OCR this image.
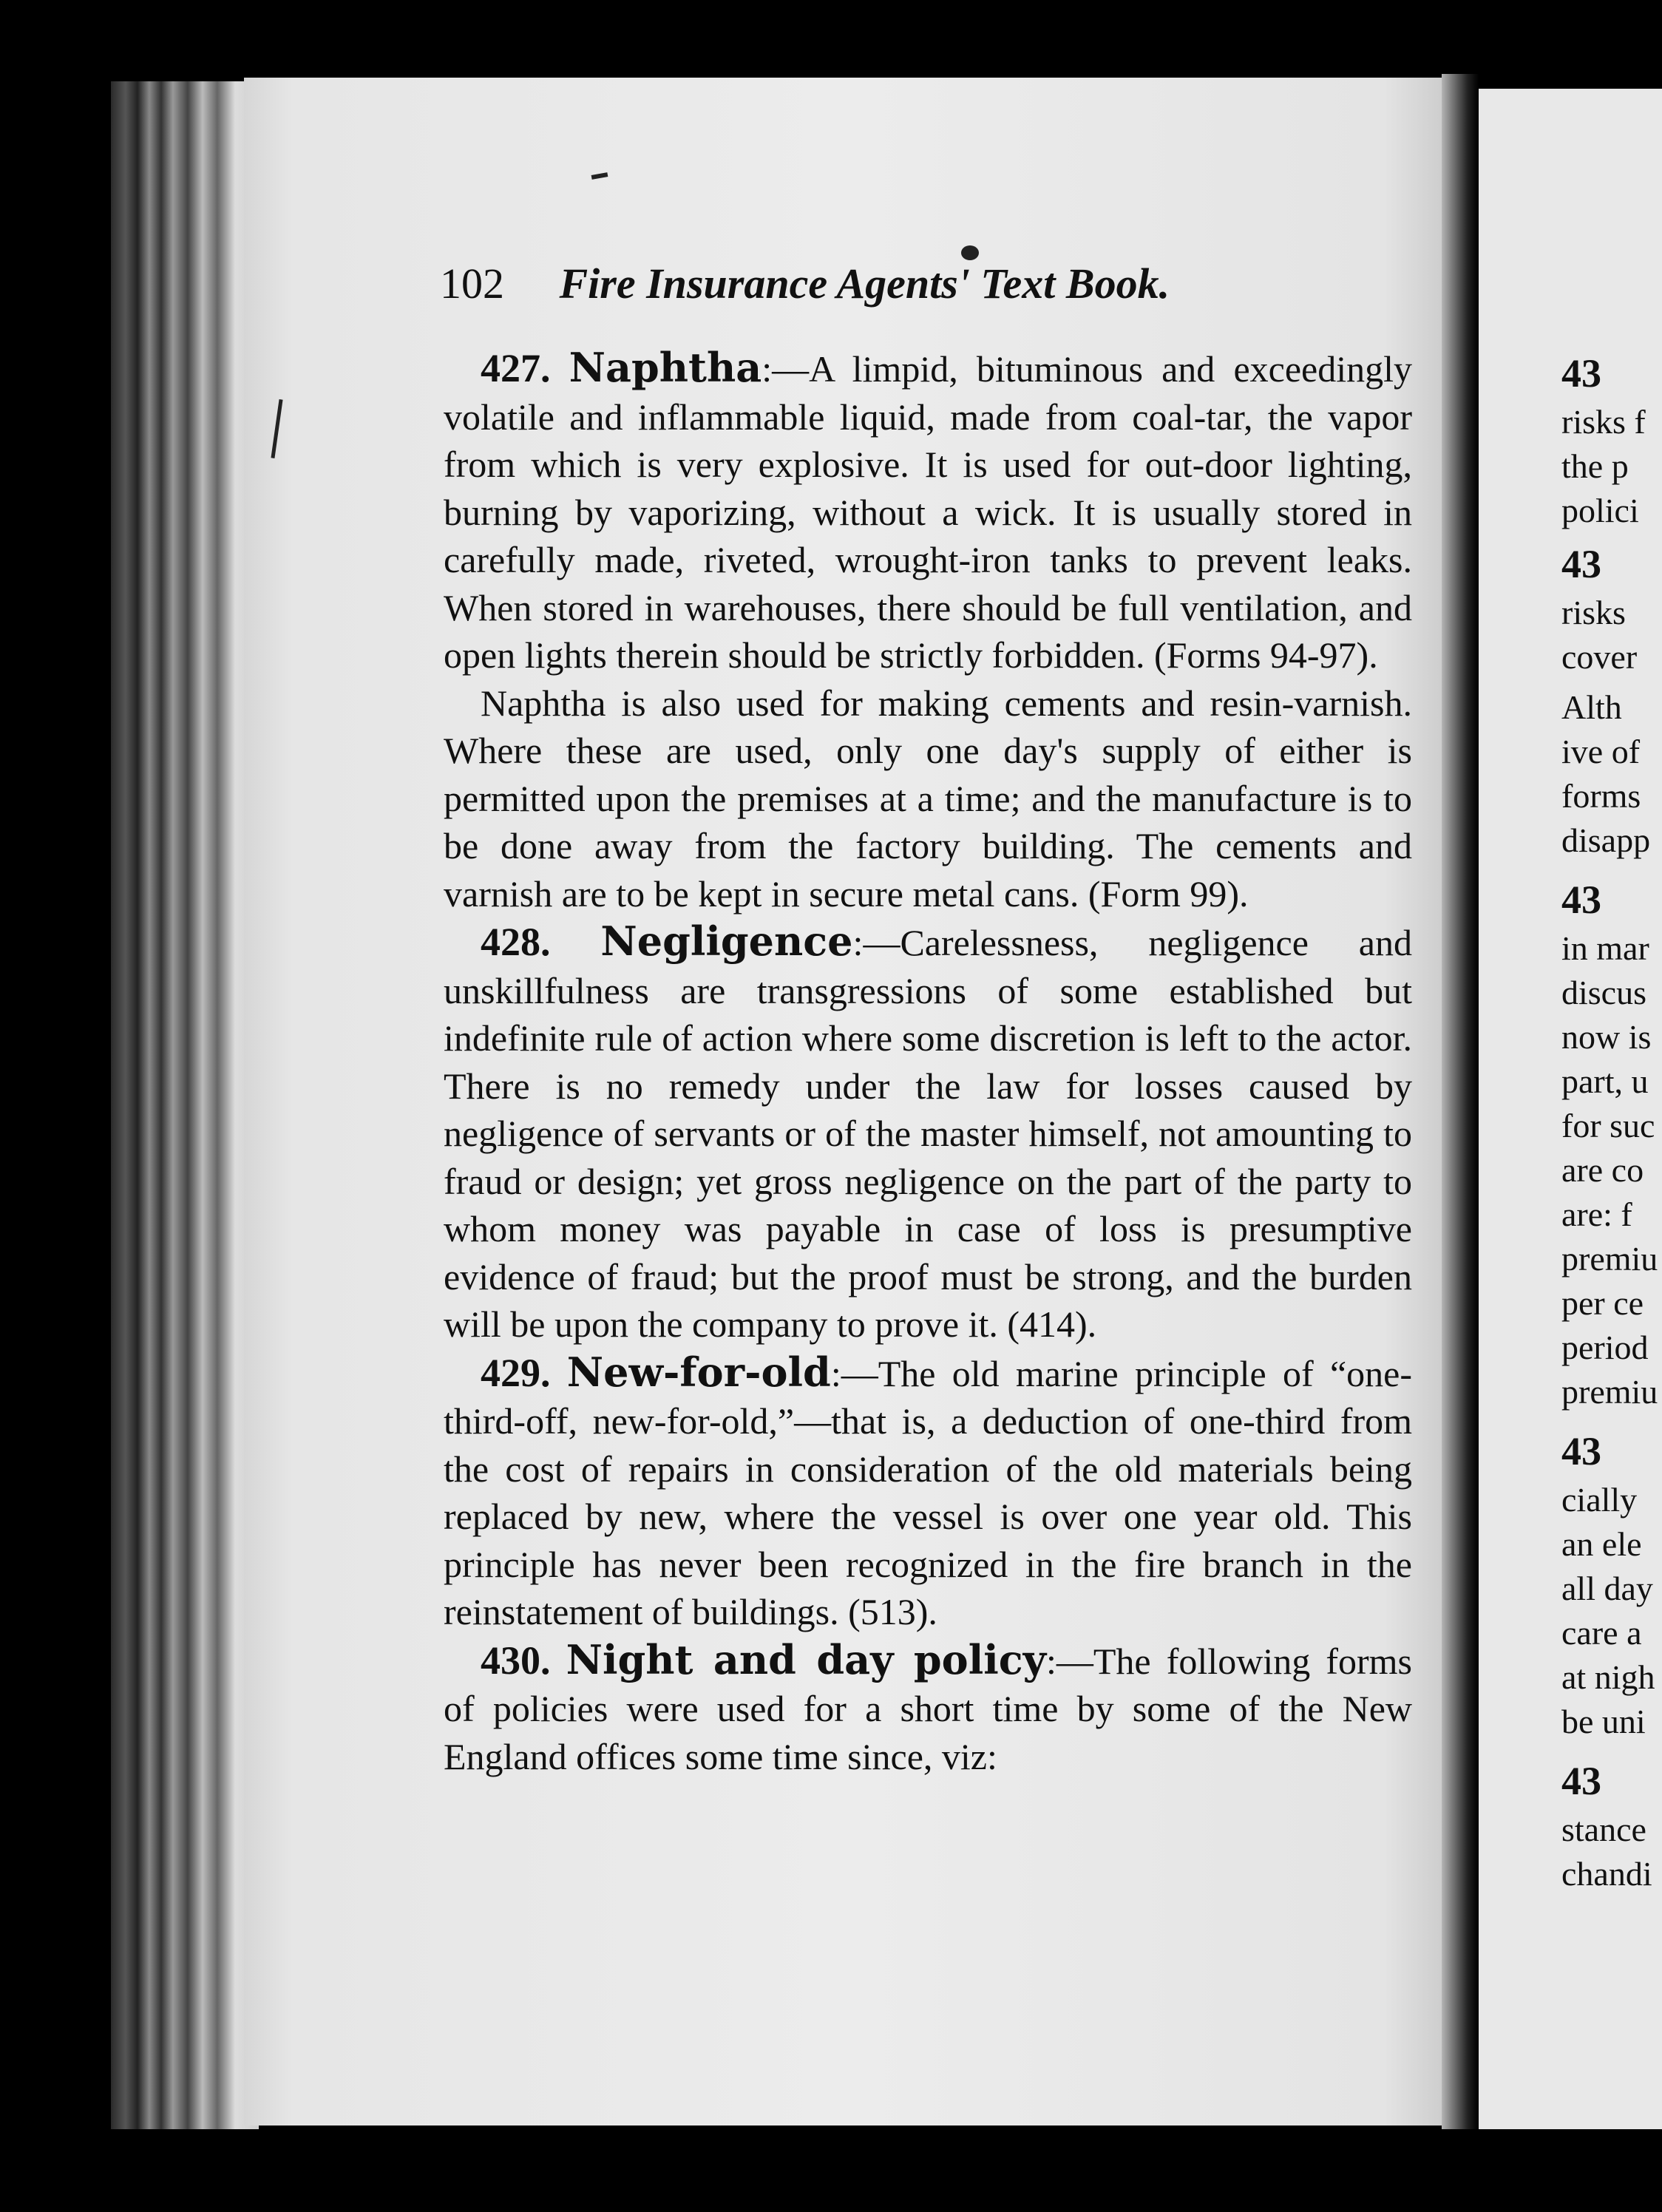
102 Fire Insurance Agents' Text Book.

427. Naphtha:—A limpid, bituminous and exceedingly volatile and inflammable liquid, made from coal-tar, the vapor from which is very explosive. It is used for out-door lighting, burning by vaporizing, without a wick. It is usually stored in carefully made, riveted, wrought-iron tanks to prevent leaks. When stored in warehouses, there should be full ventilation, and open lights therein should be strictly forbidden. (Forms 94-97).

Naphtha is also used for making cements and resin-varnish. Where these are used, only one day's supply of either is permitted upon the premises at a time; and the manufacture is to be done away from the factory building. The cements and varnish are to be kept in secure metal cans. (Form 99).

428. Negligence:—Carelessness, negligence and unskillfulness are transgressions of some established but indefinite rule of action where some discretion is left to the actor. There is no remedy under the law for losses caused by negligence of servants or of the master himself, not amounting to fraud or design; yet gross negligence on the part of the party to whom money was payable in case of loss is presumptive evidence of fraud; but the proof must be strong, and the burden will be upon the company to prove it. (414).

429. New-for-old:—The old marine principle of “one-third-off, new-for-old,”—that is, a deduction of one-third from the cost of repairs in consideration of the old materials being replaced by new, where the vessel is over one year old. This principle has never been recognized in the fire branch in the reinstatement of buildings. (513).

430. Night and day policy:—The following forms of policies were used for a short time by some of the New England offices some time since, viz:

43
risks f
the p
polici
43
risks
cover
Alth
ive of
forms
disapp
43
in mar
discus
now is
part, u
for suc
are co
are: f
premiu
per ce
period
premiu
43
cially
an ele
all day
care a
at nigh
be uni
43
stance
chandi
